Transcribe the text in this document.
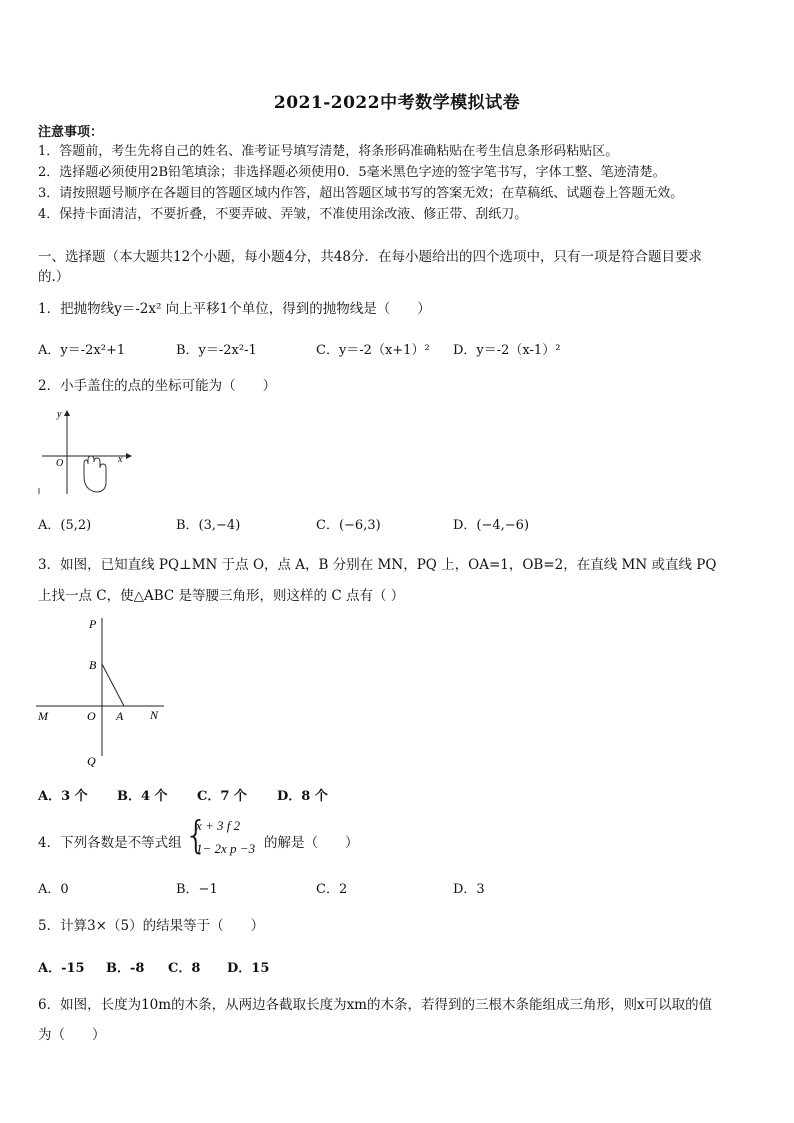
2021-2022中考数学模拟试卷
注意事项：
1．答题前，考生先将自己的姓名、准考证号填写清楚，将条形码准确粘贴在考生信息条形码粘贴区。
2．选择题必须使用2B铅笔填涂；非选择题必须使用0．5毫米黑色字迹的签字笔书写，字体工整、笔迹清楚。
3．请按照题号顺序在各题目的答题区域内作答，超出答题区域书写的答案无效；在草稿纸、试题卷上答题无效。
4．保持卡面清洁，不要折叠，不要弄破、弄皱，不准使用涂改液、修正带、刮纸刀。
一、选择题（本大题共12个小题，每小题4分，共48分．在每小题给出的四个选项中，只有一项是符合题目要求
的.）
1．把抛物线y＝-2x² 向上平移1个单位，得到的抛物线是（　　）
A．y＝-2x²+1	B．y＝-2x²-1	C．y＝-2（x+1）² D．y＝-2（x-1）²
2．小手盖住的点的坐标可能为（　　）
y
x
O
A．(5,2)	B．(3,−4)	C．(−6,3)	D．(−4,−6)
3．如图，已知直线 PQ⊥MN 于点 O，点 A，B 分别在 MN，PQ 上，OA=1，OB=2，在直线 MN 或直线 PQ
上找一点 C，使△ABC 是等腰三角形，则这样的 C 点有（ ）
P
B
M	O A N
Q
A．3 个 B．4 个 C．7 个 D．8 个
4．下列各数是不等式组 {
x + 3 f 2
1− 2x p −3 的解是（　　）
A．0	B．−1	C．2	D．3
5．计算3×（5）的结果等于（　　）
A．-15 B．-8 C．8 D．15
6．如图，长度为10m的木条，从两边各截取长度为xm的木条，若得到的三根木条能组成三角形，则x可以取的值
为（　　）
